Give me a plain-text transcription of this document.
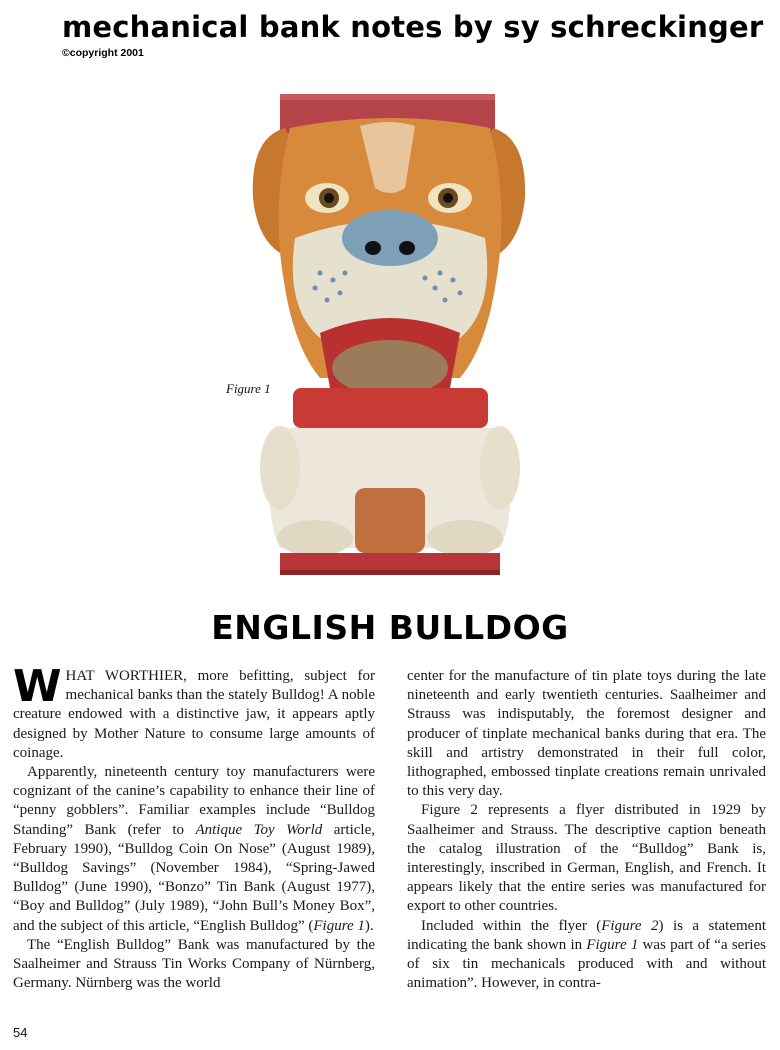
mechanical bank notes by sy schreckinger
©copyright 2001
Figure 1
ENGLISH BULLDOG

WHAT WORTHIER, more befitting, subject for mechanical banks than the stately Bulldog! A noble creature endowed with a distinctive jaw, it appears aptly designed by Mother Nature to consume large amounts of coinage.

Apparently, nineteenth century toy manufacturers were cognizant of the canine’s capability to enhance their line of “penny gobblers”. Familiar examples include “Bulldog Standing” Bank (refer to Antique Toy World article, February 1990), “Bulldog Coin On Nose” (August 1989), “Bulldog Savings” (November 1984), “Spring-Jawed Bulldog” (June 1990), “Bonzo” Tin Bank (August 1977), “Boy and Bulldog” (July 1989), “John Bull’s Money Box”, and the subject of this article, “English Bulldog” (Figure 1).

The “English Bulldog” Bank was manufactured by the Saalheimer and Strauss Tin Works Company of Nürnberg, Germany. Nürnberg was the world

center for the manufacture of tin plate toys during the late nineteenth and early twentieth centuries. Saalheimer and Strauss was indisputably, the foremost designer and producer of tinplate mechanical banks during that era. The skill and artistry demonstrated in their full color, lithographed, embossed tinplate creations remain unrivaled to this very day.

Figure 2 represents a flyer distributed in 1929 by Saalheimer and Strauss. The descriptive caption beneath the catalog illustration of the “Bulldog” Bank is, interestingly, inscribed in German, English, and French. It appears likely that the entire series was manufactured for export to other countries.

Included within the flyer (Figure 2) is a statement indicating the bank shown in Figure 1 was part of “a series of six tin mechanicals produced with and without animation”. However, in contra-

54
